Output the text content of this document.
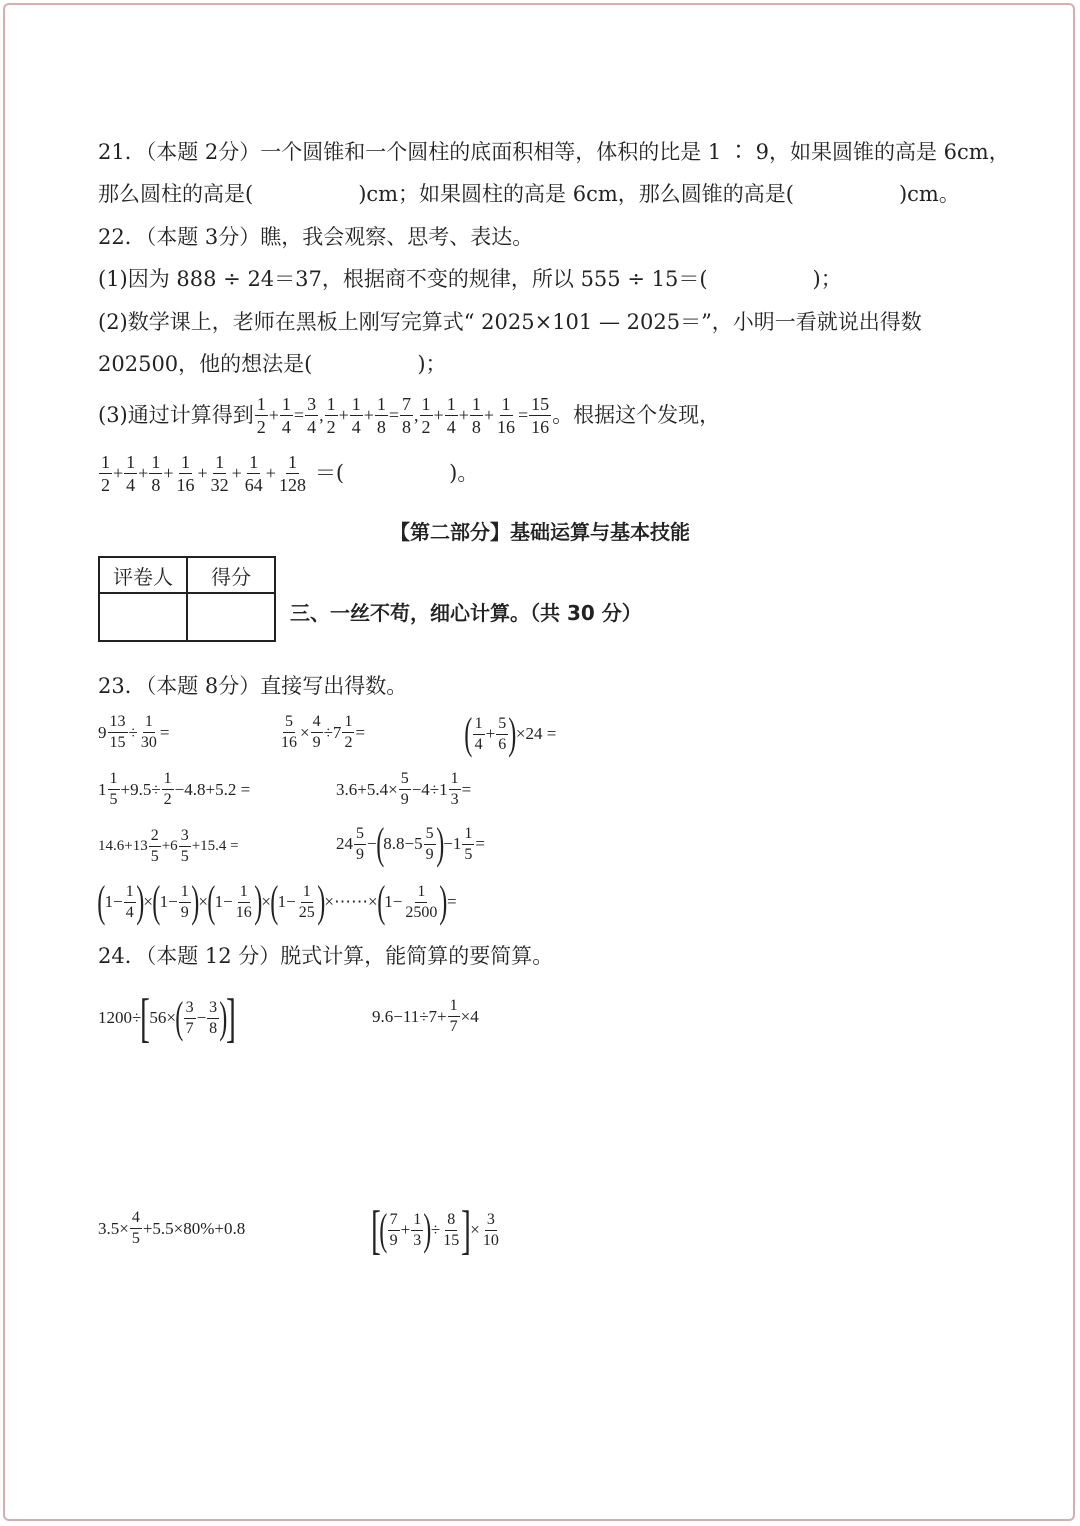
21．（本题 2分）一个圆锥和一个圆柱的底面积相等，体积的比是 1 ∶ 9，如果圆锥的高是 6cm，
那么圆柱的高是(　　　　　)cm；如果圆柱的高是 6cm，那么圆锥的高是(　　　　　)cm。
22．（本题 3分）瞧，我会观察、思考、表达。
(1)因为 888 ÷ 24＝37，根据商不变的规律，所以 555 ÷ 15＝(　　　　　)；
(2)数学课上，老师在黑板上刚写完算式“ 2025×101 — 2025＝”，小明一看就说出得数
202500，他的想法是(　　　　　)；
(3)通过计算得到 $\frac{1}{2} + \frac{1}{4} = \frac{3}{4}$ , $\frac{1}{2} + \frac{1}{4} + \frac{1}{8} = \frac{7}{8}$ , $\frac{1}{2} + \frac{1}{4} + \frac{1}{8} + \frac{1}{16} = \frac{15}{16}$ 。根据这个发现，
$\frac{1}{2} + \frac{1}{4} + \frac{1}{8} + \frac{1}{16} + \frac{1}{32} + \frac{1}{64} + \frac{1}{128}$ ＝(　　　　　)。
【第二部分】基础运算与基本技能
评卷人	得分

三、一丝不苟，细心计算。（共 30 分）
23．（本题 8分）直接写出得数。
$9 \frac{13}{15} \div \frac{1}{30}$ =	$\frac{5}{16} \times \frac{4}{9} \div 7 \frac{1}{2}$ = ( $\frac{1}{4} + \frac{5}{6}$ ) ×24 =
$1 \frac{1}{5} +9.5\div \frac{1}{2} -4.8+5.2$ =	$3.6+5.4\times \frac{5}{9} -4\div 1 \frac{1}{3}$ =
$14.6+13 \frac{2}{5} +6 \frac{3}{5} +15.4$ =	$24 \frac{5}{9}$ − ( $8.8-5 \frac{5}{9}$ ) $-1 \frac{1}{5}$ =
( $1- \frac{1}{4}$ ) × ( $1- \frac{1}{9}$ ) × ( $1- \frac{1}{16}$ ) × ( $1- \frac{1}{25}$ ) ×⋯⋯× ( $1- \frac{1}{2500}$ ) =
24．（本题 12 分）脱式计算，能简算的要简算。
1200÷ [ 56× ( $\frac{3}{7} - \frac{3}{8}$ )
]	$9.6-11\div 7+ \frac{1}{7} \times 4$
$3.5\times \frac{4}{5} +5.5\times 80\%+0.8$ [
( $\frac{7}{9} + \frac{1}{3}$ ) ÷ $\frac{8}{15}$ ] × $\frac{3}{10}$
